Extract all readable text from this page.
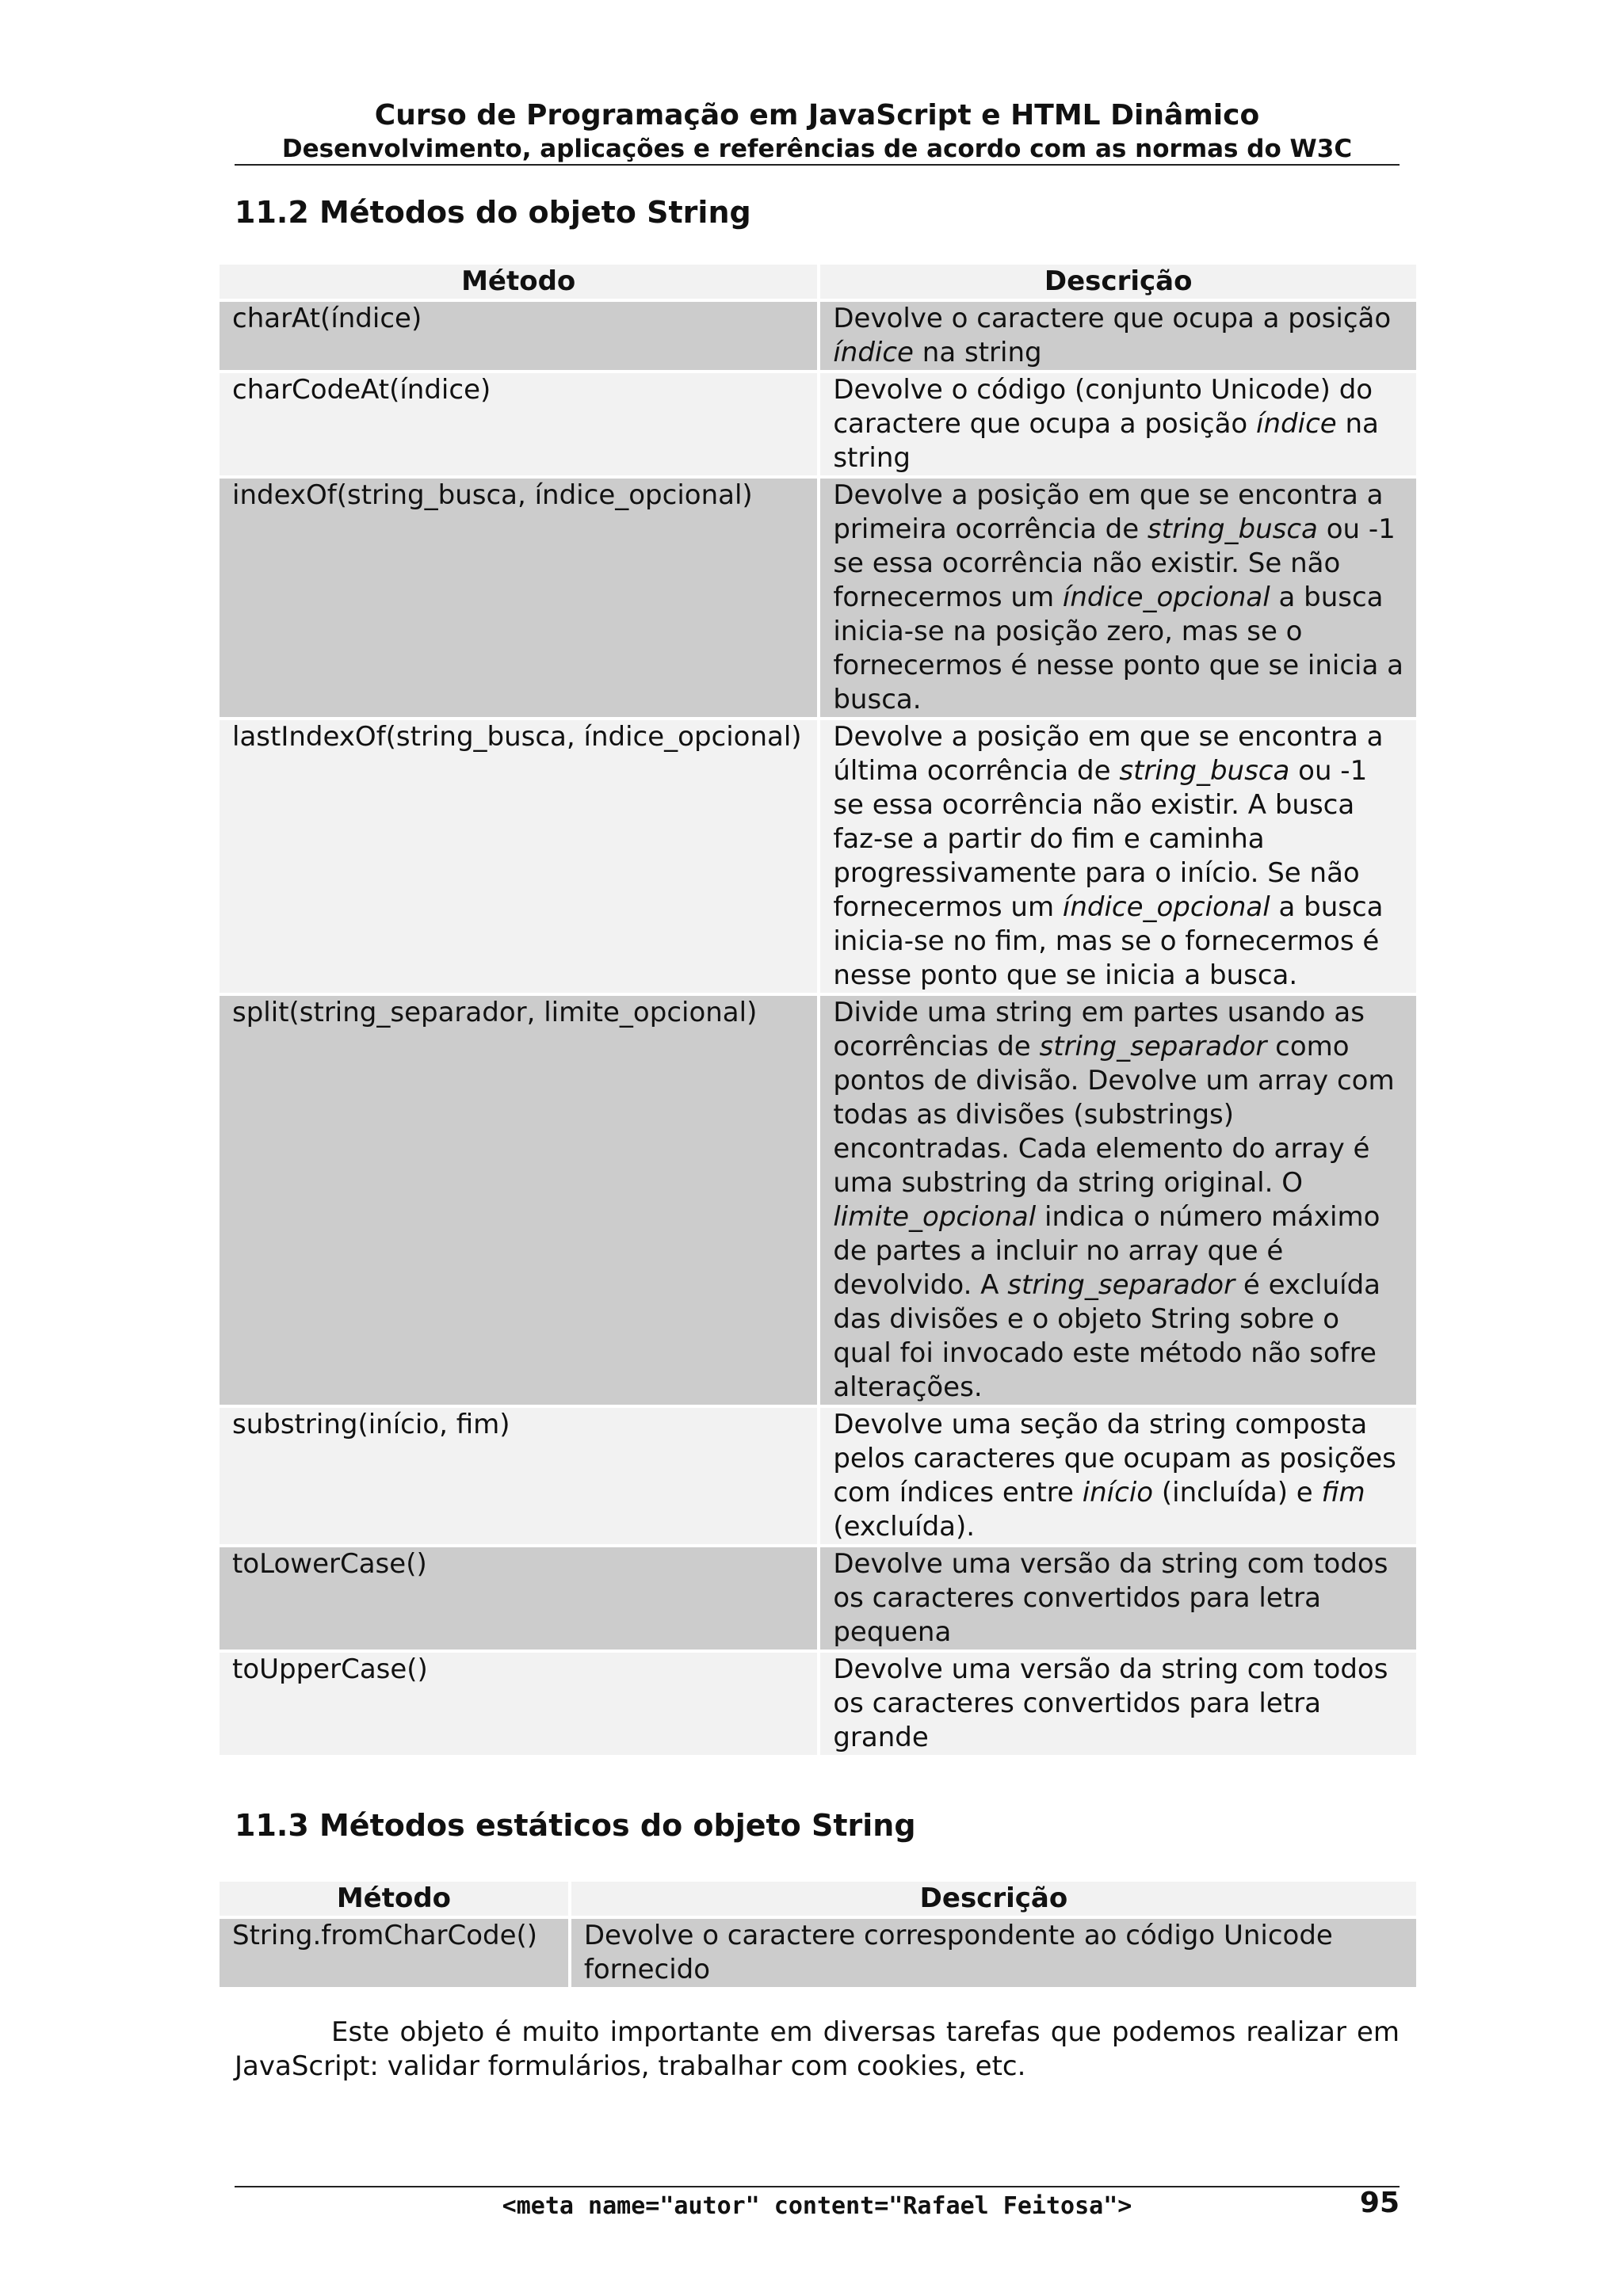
Curso de Programação em JavaScript e HTML Dinâmico
Desenvolvimento, aplicações e referências de acordo com as normas do W3C
11.2 Métodos do objeto String
Método	Descrição
charAt(índice)	Devolve o caractere que ocupa a posição índice na string
charCodeAt(índice)	Devolve o código (conjunto Unicode) do caractere que ocupa a posição índice na string
indexOf(string_busca, índice_opcional)	Devolve a posição em que se encontra a primeira ocorrência de string_busca ou -1 se essa ocorrência não existir. Se não fornecermos um índice_opcional a busca inicia-se na posição zero, mas se o fornecermos é nesse ponto que se inicia a busca.
lastIndexOf(string_busca, índice_opcional)	Devolve a posição em que se encontra a última ocorrência de string_busca ou -1 se essa ocorrência não existir. A busca faz-se a partir do fim e caminha progressivamente para o início. Se não fornecermos um índice_opcional a busca inicia-se no fim, mas se o fornecermos é nesse ponto que se inicia a busca.
split(string_separador, limite_opcional)	Divide uma string em partes usando as ocorrências de string_separador como pontos de divisão. Devolve um array com todas as divisões (substrings) encontradas. Cada elemento do array é uma substring da string original. O limite_opcional indica o número máximo de partes a incluir no array que é devolvido. A string_separador é excluída das divisões e o objeto String sobre o qual foi invocado este método não sofre alterações.
substring(início, fim)	Devolve uma seção da string composta pelos caracteres que ocupam as posições com índices entre início (incluída) e fim (excluída).
toLowerCase()	Devolve uma versão da string com todos os caracteres convertidos para letra pequena
toUpperCase()	Devolve uma versão da string com todos os caracteres convertidos para letra grande
11.3 Métodos estáticos do objeto String
Método	Descrição
String.fromCharCode()	Devolve o caractere correspondente ao código Unicode fornecido
Este objeto é muito importante em diversas tarefas que podemos realizar em JavaScript: validar formulários, trabalhar com cookies, etc.
<meta name="autor" content="Rafael Feitosa">	95
